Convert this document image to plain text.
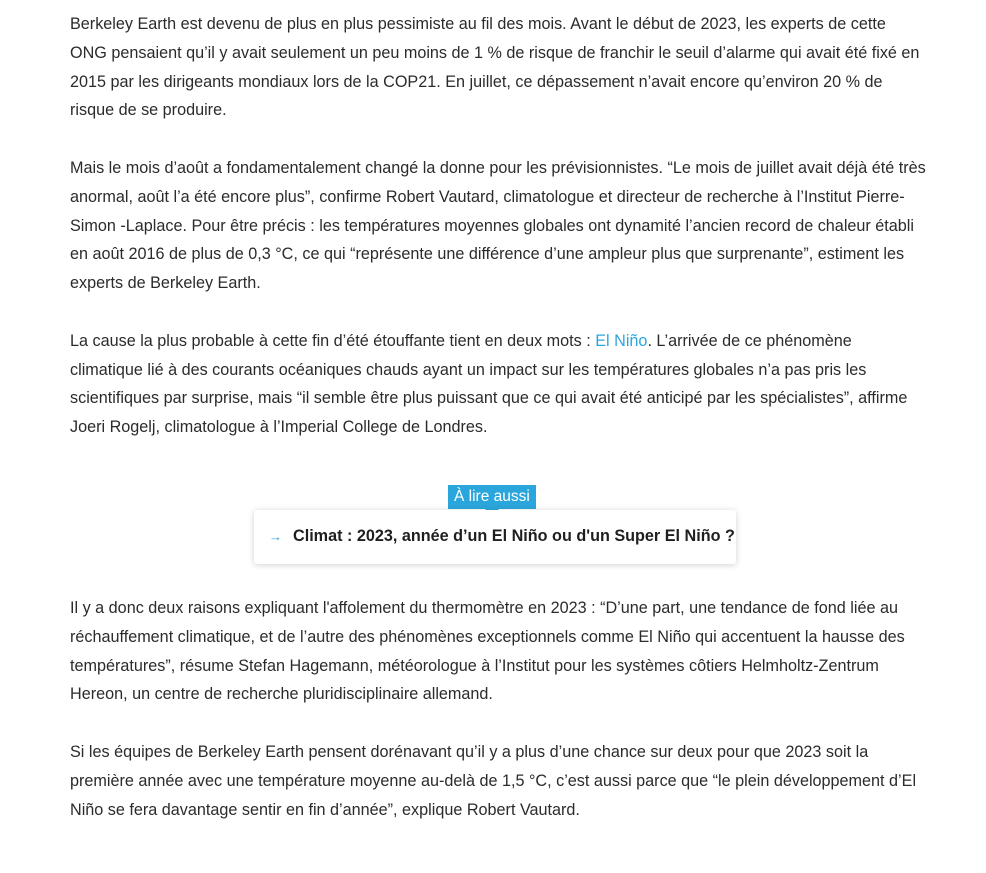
Berkeley Earth est devenu de plus en plus pessimiste au fil des mois. Avant le début de 2023, les experts de cette ONG pensaient qu’il y avait seulement un peu moins de 1 % de risque de franchir le seuil d’alarme qui avait été fixé en 2015 par les dirigeants mondiaux lors de la COP21. En juillet, ce dépassement n’avait encore qu’environ 20 % de risque de se produire.

Mais le mois d’août a fondamentalement changé la donne pour les prévisionnistes. “Le mois de juillet avait déjà été très anormal, août l’a été encore plus”, confirme Robert Vautard, climatologue et directeur de recherche à l’Institut Pierre-Simon -Laplace. Pour être précis : les températures moyennes globales ont dynamité l’ancien record de chaleur établi en août 2016 de plus de 0,3 °C, ce qui “représente une différence d’une ampleur plus que surprenante”, estiment les experts de Berkeley Earth.

La cause la plus probable à cette fin d’été étouffante tient en deux mots : El Niño. L’arrivée de ce phénomène climatique lié à des courants océaniques chauds ayant un impact sur les températures globales n’a pas pris les scientifiques par surprise, mais “il semble être plus puissant que ce qui avait été anticipé par les spécialistes”, affirme Joeri Rogelj, climatologue à l’Imperial College de Londres.

À lire aussi
→ Climat : 2023, année d’un El Niño ou d'un Super El Niño ?

Il y a donc deux raisons expliquant l'affolement du thermomètre en 2023 : “D’une part, une tendance de fond liée au réchauffement climatique, et de l’autre des phénomènes exceptionnels comme El Niño qui accentuent la hausse des températures”, résume Stefan Hagemann, météorologue à l’Institut pour les systèmes côtiers Helmholtz-Zentrum Hereon, un centre de recherche pluridisciplinaire allemand.

Si les équipes de Berkeley Earth pensent dorénavant qu’il y a plus d’une chance sur deux pour que 2023 soit la première année avec une température moyenne au-delà de 1,5 °C, c’est aussi parce que “le plein développement d’El Niño se fera davantage sentir en fin d’année”, explique Robert Vautard.
